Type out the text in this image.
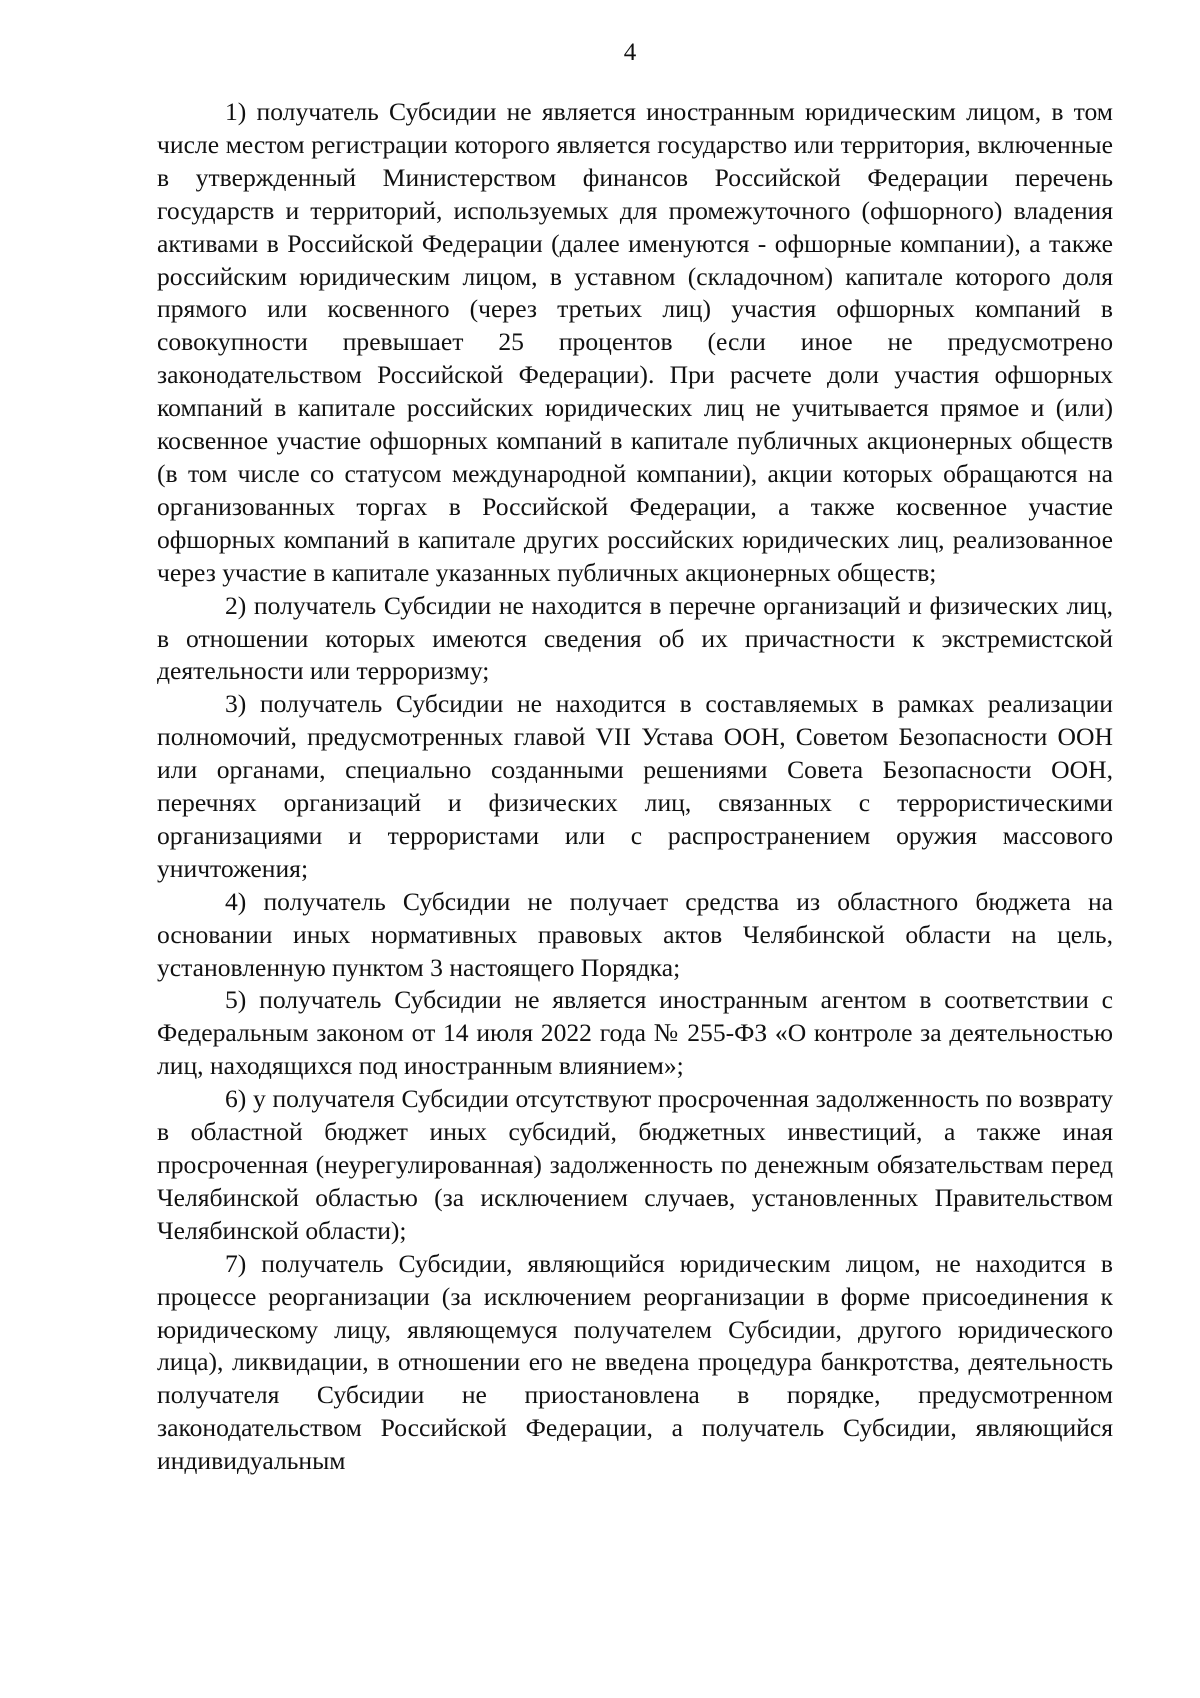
4

1) получатель Субсидии не является иностранным юридическим лицом, в том числе местом регистрации которого является государство или территория, включенные в утвержденный Министерством финансов Российской Федерации перечень государств и территорий, используемых для промежуточного (офшорного) владения активами в Российской Федерации (далее именуются - офшорные компании), а также российским юридическим лицом, в уставном (складочном) капитале которого доля прямого или косвенного (через третьих лиц) участия офшорных компаний в совокупности превышает 25 процентов (если иное не предусмотрено законодательством Российской Федерации). При расчете доли участия офшорных компаний в капитале российских юридических лиц не учитывается прямое и (или) косвенное участие офшорных компаний в капитале публичных акционерных обществ (в том числе со статусом международной компании), акции которых обращаются на организованных торгах в Российской Федерации, а также косвенное участие офшорных компаний в капитале других российских юридических лиц, реализованное через участие в капитале указанных публичных акционерных обществ;

2) получатель Субсидии не находится в перечне организаций и физических лиц, в отношении которых имеются сведения об их причастности к экстремистской деятельности или терроризму;

3) получатель Субсидии не находится в составляемых в рамках реализации полномочий, предусмотренных главой VII Устава ООН, Советом Безопасности ООН или органами, специально созданными решениями Совета Безопасности ООН, перечнях организаций и физических лиц, связанных с террористическими организациями и террористами или с распространением оружия массового уничтожения;

4) получатель Субсидии не получает средства из областного бюджета на основании иных нормативных правовых актов Челябинской области на цель, установленную пунктом 3 настоящего Порядка;

5) получатель Субсидии не является иностранным агентом в соответствии с Федеральным законом от 14 июля 2022 года № 255-ФЗ «О контроле за деятельностью лиц, находящихся под иностранным влиянием»;

6) у получателя Субсидии отсутствуют просроченная задолженность по возврату в областной бюджет иных субсидий, бюджетных инвестиций, а также иная просроченная (неурегулированная) задолженность по денежным обязательствам перед Челябинской областью (за исключением случаев, установленных Правительством Челябинской области);

7) получатель Субсидии, являющийся юридическим лицом, не находится в процессе реорганизации (за исключением реорганизации в форме присоединения к юридическому лицу, являющемуся получателем Субсидии, другого юридического лица), ликвидации, в отношении его не введена процедура банкротства, деятельность получателя Субсидии не приостановлена в порядке, предусмотренном законодательством Российской Федерации, а получатель Субсидии, являющийся индивидуальным
